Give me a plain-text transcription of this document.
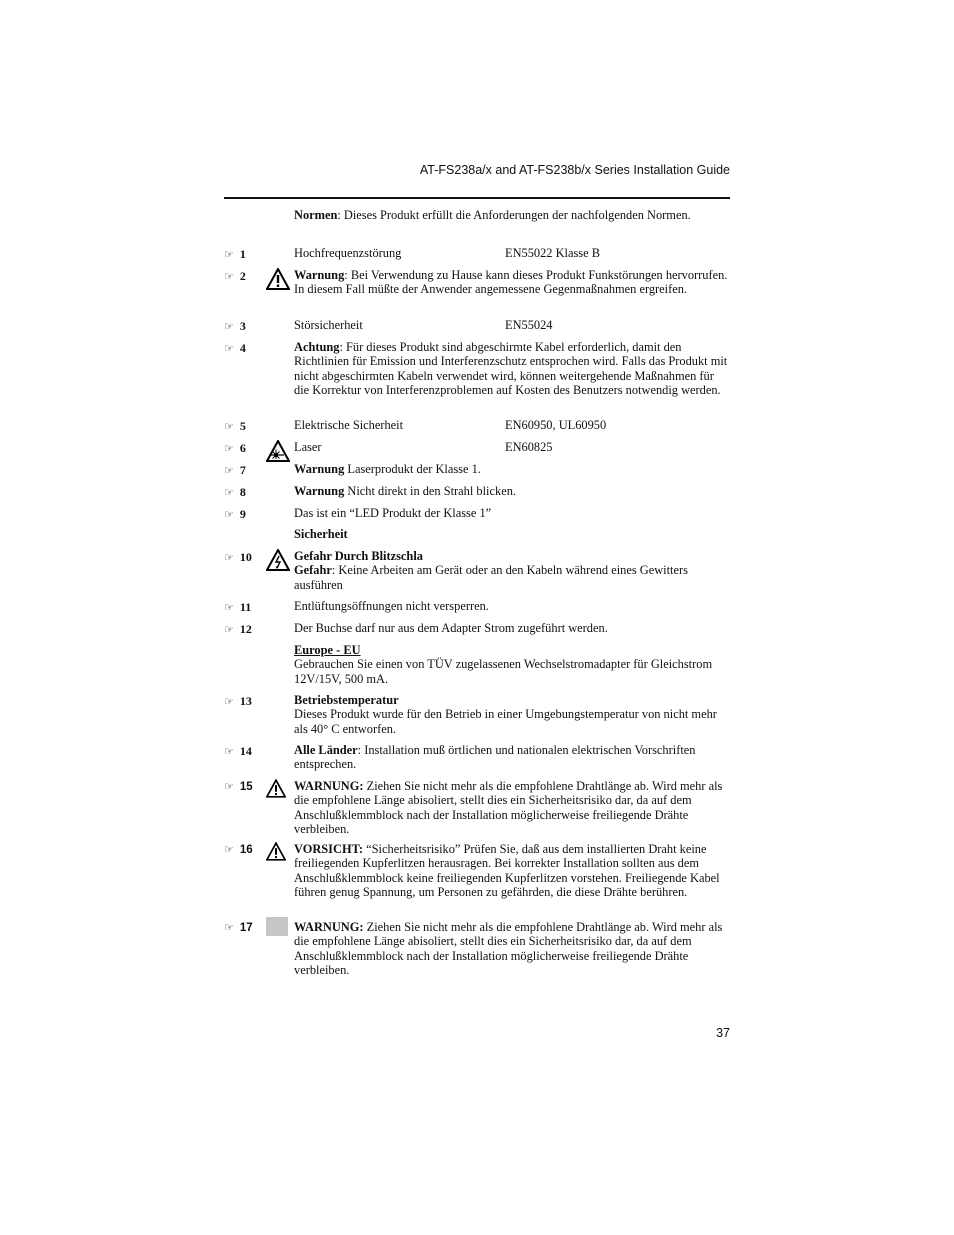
AT-FS238a/x and AT-FS238b/x Series Installation Guide
Normen: Dieses Produkt erfüllt die Anforderungen der nachfolgenden Normen.
☞ 1	Hochfrequenzstörung	EN55022 Klasse B
☞ 2	Warnung: Bei Verwendung zu Hause kann dieses Produkt Funkstörungen hervorrufen. In diesem Fall müßte der Anwender angemessene Gegenmaßnahmen ergreifen.
☞ 3	Störsicherheit	EN55024
☞ 4	Achtung: Für dieses Produkt sind abgeschirmte Kabel erforderlich, damit den Richtlinien für Emission und Interferenzschutz entsprochen wird. Falls das Produkt mit nicht abgeschirmten Kabeln verwendet wird, können weitergehende Maßnahmen für die Korrektur von Interferenzproblemen auf Kosten des Benutzers notwendig werden.
☞ 5	Elektrische Sicherheit	EN60950, UL60950
☞ 6	Laser	EN60825
☞ 7	Warnung Laserprodukt der Klasse 1.
☞ 8	Warnung Nicht direkt in den Strahl blicken.
☞ 9	Das ist ein “LED Produkt der Klasse 1”
Sicherheit
☞ 10	Gefahr Durch Blitzschla
Gefahr: Keine Arbeiten am Gerät oder an den Kabeln während eines Gewitters ausführen
☞ 11	Entlüftungsöffnungen nicht versperren.
☞ 12	Der Buchse darf nur aus dem Adapter Strom zugeführt werden.
Europe - EU
Gebrauchen Sie einen von TÜV zugelassenen Wechselstromadapter für Gleichstrom 12V/15V, 500 mA.
☞ 13	Betriebstemperatur
Dieses Produkt wurde für den Betrieb in einer Umgebungstemperatur von nicht mehr als 40° C entworfen.
☞ 14	Alle Länder: Installation muß örtlichen und nationalen elektrischen Vorschriften entsprechen.
☞ 15	WARNUNG: Ziehen Sie nicht mehr als die empfohlene Drahtlänge ab. Wird mehr als die empfohlene Länge abisoliert, stellt dies ein Sicherheitsrisiko dar, da auf dem Anschlußklemmblock nach der Installation möglicherweise freiliegende Drähte verbleiben.
☞ 16	VORSICHT: “Sicherheitsrisiko” Prüfen Sie, daß aus dem installierten Draht keine freiliegenden Kupferlitzen herausragen. Bei korrekter Installation sollten aus dem Anschlußklemmblock keine freiliegenden Kupferlitzen vorstehen. Freiliegende Kabel führen genug Spannung, um Personen zu gefährden, die diese Drähte berühren.
☞ 17	WARNUNG: Ziehen Sie nicht mehr als die empfohlene Drahtlänge ab. Wird mehr als die empfohlene Länge abisoliert, stellt dies ein Sicherheitsrisiko dar, da auf dem Anschlußklemmblock nach der Installation möglicherweise freiliegende Drähte verbleiben.
37
